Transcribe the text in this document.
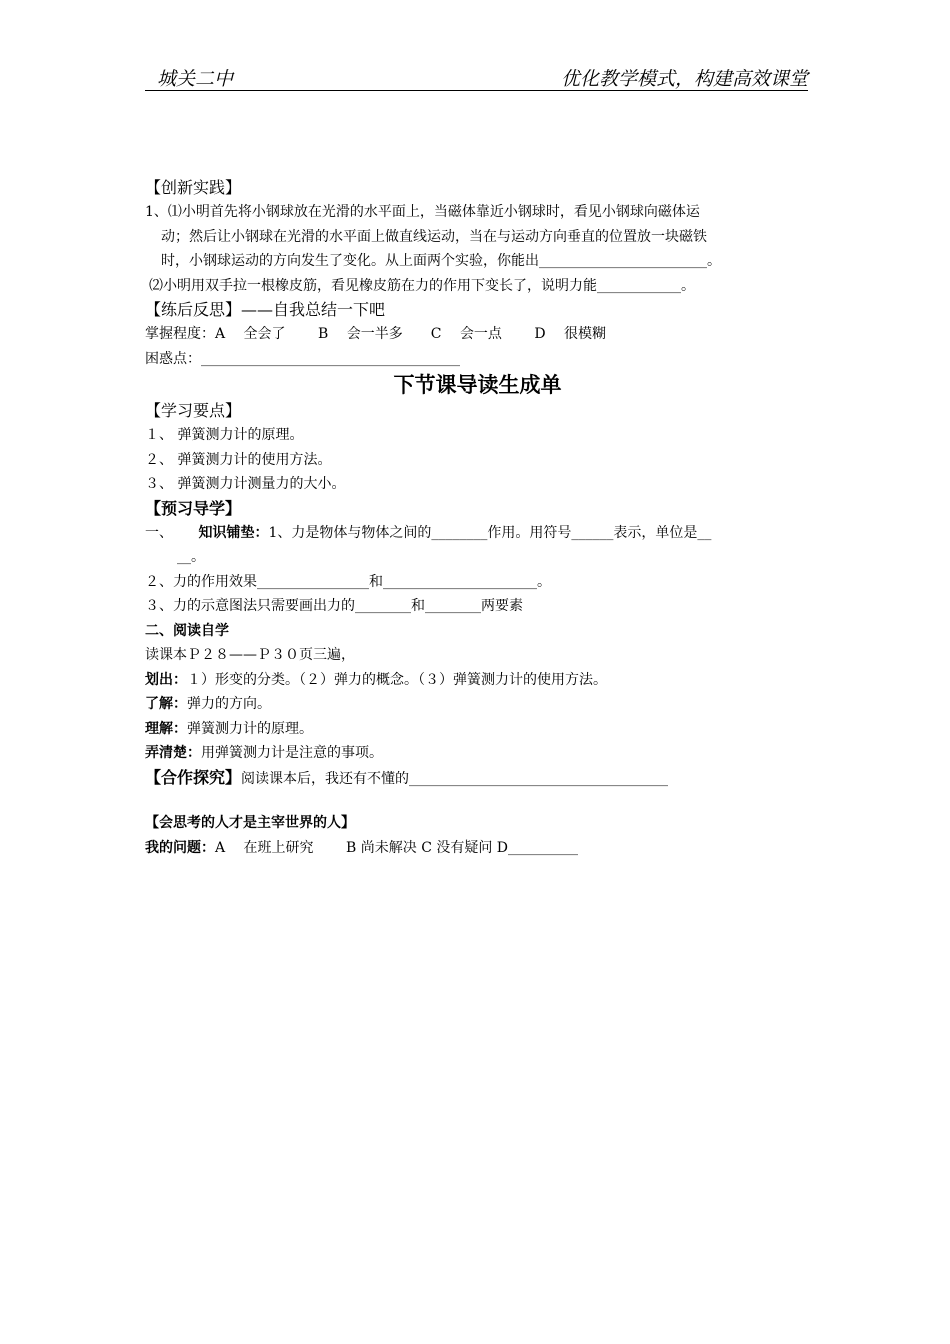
城关二中	优化教学模式，构建高效课堂
【创新实践】
1、⑴小明首先将小钢球放在光滑的水平面上，当磁体靠近小钢球时，看见小钢球向磁体运
动；然后让小钢球在光滑的水平面上做直线运动，当在与运动方向垂直的位置放一块磁铁
时，小钢球运动的方向发生了变化。从上面两个实验，你能出________________________。
⑵小明用双手拉一根橡皮筋，看见橡皮筋在力的作用下变长了，说明力能____________。
【练后反思】——自我总结一下吧
掌握程度：A　 全会了　　 B　 会一半多　　C　 会一点　　 D　 很模糊
困惑点：_____________________________________
下节课导读生成单
【学习要点】
１、 弹簧测力计的原理。
２、 弹簧测力计的使用方法。
３、 弹簧测力计测量力的大小。
【预习导学】
一、　　 知识铺垫：1、力是物体与物体之间的________作用。用符号______表示，单位是__
__。
２、力的作用效果________________和______________________。
３、力的示意图法只需要画出力的________和________两要素
二、阅读自学
读课本Ｐ２８——Ｐ３０页三遍，
划出：１）形变的分类。（２）弹力的概念。（３）弹簧测力计的使用方法。
了解：弹力的方向。
理解：弹簧测力计的原理。
弄清楚：用弹簧测力计是注意的事项。
【合作探究】阅读课本后，我还有不懂的_____________________________________
【会思考的人才是主宰世界的人】
我的问题：A　 在班上研究　　 B 尚未解决 C 没有疑问 D__________
